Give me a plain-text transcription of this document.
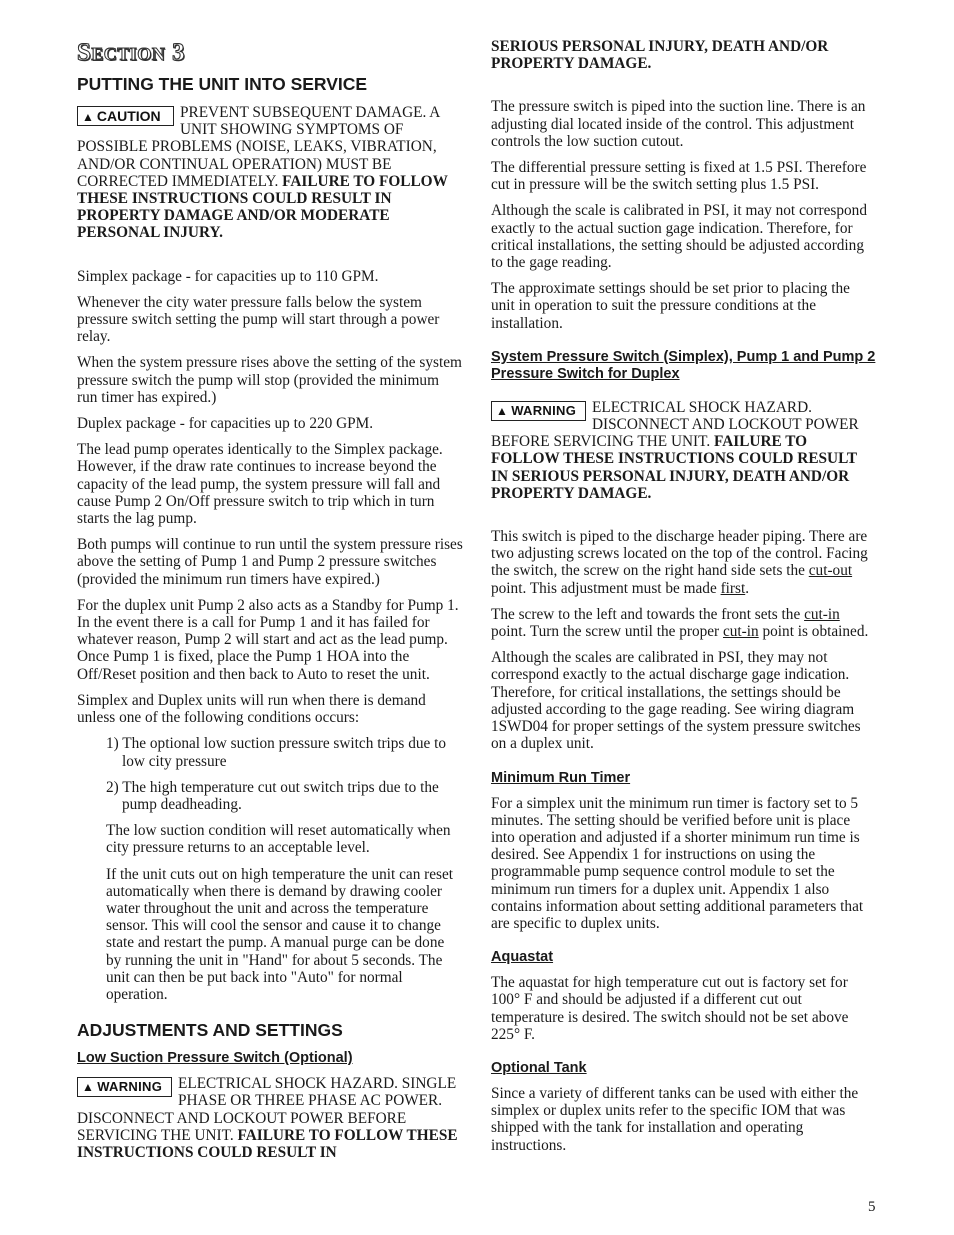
Section 3
PUTTING THE UNIT INTO SERVICE

▲ CAUTION	PREVENT SUBSEQUENT DAMAGE. A UNIT SHOWING SYMPTOMS OF POSSIBLE PROBLEMS (NOISE, LEAKS, VIBRATION, AND/OR CONTINUAL OPERATION) MUST BE CORRECTED IMMEDIATELY. FAILURE TO FOLLOW THESE INSTRUCTIONS COULD RESULT IN PROPERTY DAMAGE AND/OR MODERATE PERSONAL INJURY.

Simplex package - for capacities up to 110 GPM.

Whenever the city water pressure falls below the system pressure switch setting the pump will start through a power relay.

When the system pressure rises above the setting of the system pressure switch the pump will stop (provided the minimum run timer has expired.)

Duplex package - for capacities up to 220 GPM.

The lead pump operates identically to the Simplex package. However, if the draw rate continues to increase beyond the capacity of the lead pump, the system pressure will fall and cause Pump 2 On/Off pressure switch to trip which in turn starts the lag pump.

Both pumps will continue to run until the system pressure rises above the setting of Pump 1 and Pump 2 pressure switches (provided the minimum run timers have expired.)

For the duplex unit Pump 2 also acts as a Standby for Pump 1. In the event there is a call for Pump 1 and it has failed for whatever reason, Pump 2 will start and act as the lead pump. Once Pump 1 is fixed, place the Pump 1 HOA into the Off/Reset position and then back to Auto to reset the unit.

Simplex and Duplex units will run when there is demand unless one of the following conditions occurs:

1) The optional low suction pressure switch trips due to low city pressure

2) The high temperature cut out switch trips due to the pump deadheading.

The low suction condition will reset automatically when city pressure returns to an acceptable level.

If the unit cuts out on high temperature the unit can reset automatically when there is demand by drawing cooler water throughout the unit and across the temperature sensor. This will cool the sensor and cause it to change state and restart the pump. A manual purge can be done by running the unit in "Hand" for about 5 seconds. The unit can then be put back into "Auto" for normal operation.

ADJUSTMENTS AND SETTINGS
Low Suction Pressure Switch (Optional)

▲ WARNING	ELECTRICAL SHOCK HAZARD. SINGLE PHASE OR THREE PHASE AC POWER. DISCONNECT AND LOCKOUT POWER BEFORE SERVICING THE UNIT. FAILURE TO FOLLOW THESE INSTRUCTIONS COULD RESULT IN

SERIOUS PERSONAL INJURY, DEATH AND/OR PROPERTY DAMAGE.

The pressure switch is piped into the suction line. There is an adjusting dial located inside of the control. This adjustment controls the low suction cutout.

The differential pressure setting is fixed at 1.5 PSI. Therefore cut in pressure will be the switch setting plus 1.5 PSI.

Although the scale is calibrated in PSI, it may not correspond exactly to the actual suction gage indication. Therefore, for critical installations, the setting should be adjusted according to the gage reading.

The approximate settings should be set prior to placing the unit in operation to suit the pressure conditions at the installation.

System Pressure Switch (Simplex), Pump 1 and Pump 2 Pressure Switch for Duplex

▲ WARNING	ELECTRICAL SHOCK HAZARD. DISCONNECT AND LOCKOUT POWER BEFORE SERVICING THE UNIT. FAILURE TO FOLLOW THESE INSTRUCTIONS COULD RESULT IN SERIOUS PERSONAL INJURY, DEATH AND/OR PROPERTY DAMAGE.

This switch is piped to the discharge header piping. There are two adjusting screws located on the top of the control. Facing the switch, the screw on the right hand side sets the cut-out point. This adjustment must be made first.

The screw to the left and towards the front sets the cut-in point. Turn the screw until the proper cut-in point is obtained.

Although the scales are calibrated in PSI, they may not correspond exactly to the actual discharge gage indication. Therefore, for critical installations, the settings should be adjusted according to the gage reading. See wiring diagram 1SWD04 for proper settings of the system pressure switches on a duplex unit.

Minimum Run Timer

For a simplex unit the minimum run timer is factory set to 5 minutes. The setting should be verified before unit is place into operation and adjusted if a shorter minimum run time is desired. See Appendix 1 for instructions on using the programmable pump sequence control module to set the minimum run timers for a duplex unit. Appendix 1 also contains information about setting additional parameters that are specific to duplex units.

Aquastat

The aquastat for high temperature cut out is factory set for 100° F and should be adjusted if a different cut out temperature is desired. The switch should not be set above 225° F.

Optional Tank

Since a variety of different tanks can be used with either the simplex or duplex units refer to the specific IOM that was shipped with the tank for installation and operating instructions.

5
